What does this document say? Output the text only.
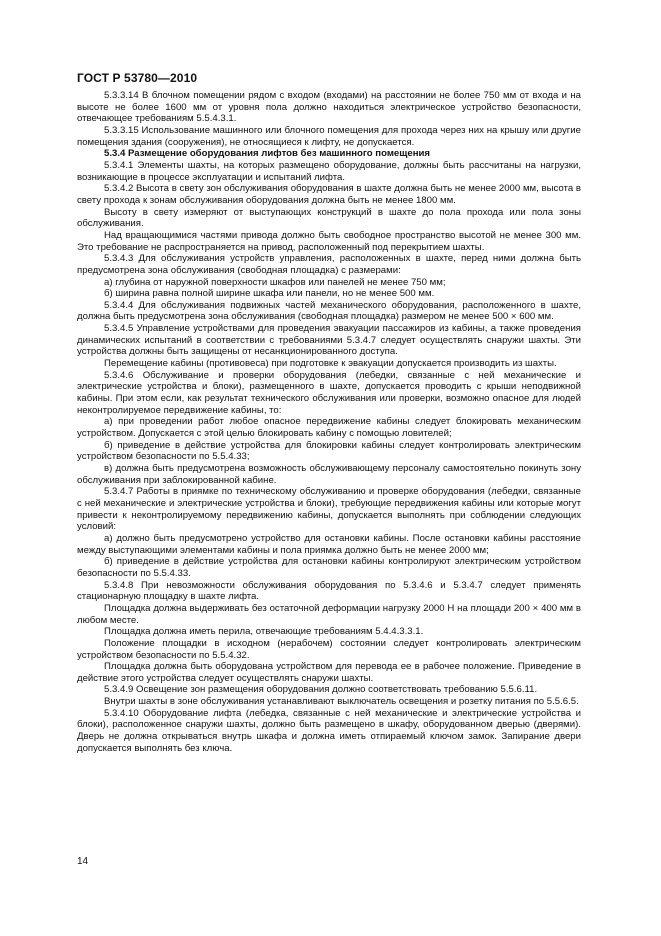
ГОСТ Р 53780—2010

5.3.3.14 В блочном помещении рядом с входом (входами) на расстоянии не более 750 мм от входа и на высоте не более 1600 мм от уровня пола должно находиться электрическое устройство безопасности, отвечающее требованиям 5.5.4.3.1.

5.3.3.15 Использование машинного или блочного помещения для прохода через них на крышу или другие помещения здания (сооружения), не относящиеся к лифту, не допускается.

5.3.4 Размещение оборудования лифтов без машинного помещения

5.3.4.1 Элементы шахты, на которых размещено оборудование, должны быть рассчитаны на нагрузки, возникающие в процессе эксплуатации и испытаний лифта.

5.3.4.2 Высота в свету зон обслуживания оборудования в шахте должна быть не менее 2000 мм, высота в свету прохода к зонам обслуживания оборудования должна быть не менее 1800 мм.

Высоту в свету измеряют от выступающих конструкций в шахте до пола прохода или пола зоны обслуживания.

Над вращающимися частями привода должно быть свободное пространство высотой не менее 300 мм. Это требование не распространяется на привод, расположенный под перекрытием шахты.

5.3.4.3 Для обслуживания устройств управления, расположенных в шахте, перед ними должна быть предусмотрена зона обслуживания (свободная площадка) с размерами:

а) глубина от наружной поверхности шкафов или панелей не менее 750 мм;

б) ширина равна полной ширине шкафа или панели, но не менее 500 мм.

5.3.4.4 Для обслуживания подвижных частей механического оборудования, расположенного в шахте, должна быть предусмотрена зона обслуживания (свободная площадка) размером не менее 500 × 600 мм.

5.3.4.5 Управление устройствами для проведения эвакуации пассажиров из кабины, а также проведения динамических испытаний в соответствии с требованиями 5.3.4.7 следует осуществлять снаружи шахты. Эти устройства должны быть защищены от несанкционированного доступа.

Перемещение кабины (противовеса) при подготовке к эвакуации допускается производить из шахты.

5.3.4.6 Обслуживание и проверки оборудования (лебедки, связанные с ней механические и электрические устройства и блоки), размещенного в шахте, допускается проводить с крыши неподвижной кабины. При этом если, как результат технического обслуживания или проверки, возможно опасное для людей неконтролируемое передвижение кабины, то:

а) при проведении работ любое опасное передвижение кабины следует блокировать механическим устройством. Допускается с этой целью блокировать кабину с помощью ловителей;

б) приведение в действие устройства для блокировки кабины следует контролировать электрическим устройством безопасности по 5.5.4.33;

в) должна быть предусмотрена возможность обслуживающему персоналу самостоятельно покинуть зону обслуживания при заблокированной кабине.

5.3.4.7 Работы в приямке по техническому обслуживанию и проверке оборудования (лебедки, связанные с ней механические и электрические устройства и блоки), требующие передвижения кабины или которые могут привести к неконтролируемому передвижению кабины, допускается выполнять при соблюдении следующих условий:

а) должно быть предусмотрено устройство для остановки кабины. После остановки кабины расстояние между выступающими элементами кабины и пола приямка должно быть не менее 2000 мм;

б) приведение в действие устройства для остановки кабины контролируют электрическим устройством безопасности по 5.5.4.33.

5.3.4.8 При невозможности обслуживания оборудования по 5.3.4.6 и 5.3.4.7 следует применять стационарную площадку в шахте лифта.

Площадка должна выдерживать без остаточной деформации нагрузку 2000 Н на площади 200 × 400 мм в любом месте.

Площадка должна иметь перила, отвечающие требованиям 5.4.4.3.3.1.

Положение площадки в исходном (нерабочем) состоянии следует контролировать электрическим устройством безопасности по 5.5.4.32.

Площадка должна быть оборудована устройством для перевода ее в рабочее положение. Приведение в действие этого устройства следует осуществлять снаружи шахты.

5.3.4.9 Освещение зон размещения оборудования должно соответствовать требованию 5.5.6.11.

Внутри шахты в зоне обслуживания устанавливают выключатель освещения и розетку питания по 5.5.6.5.

5.3.4.10 Оборудование лифта (лебедка, связанные с ней механические и электрические устройства и блоки), расположенное снаружи шахты, должно быть размещено в шкафу, оборудованном дверью (дверями). Дверь не должна открываться внутрь шкафа и должна иметь отпираемый ключом замок. Запирание двери допускается выполнять без ключа.

14
